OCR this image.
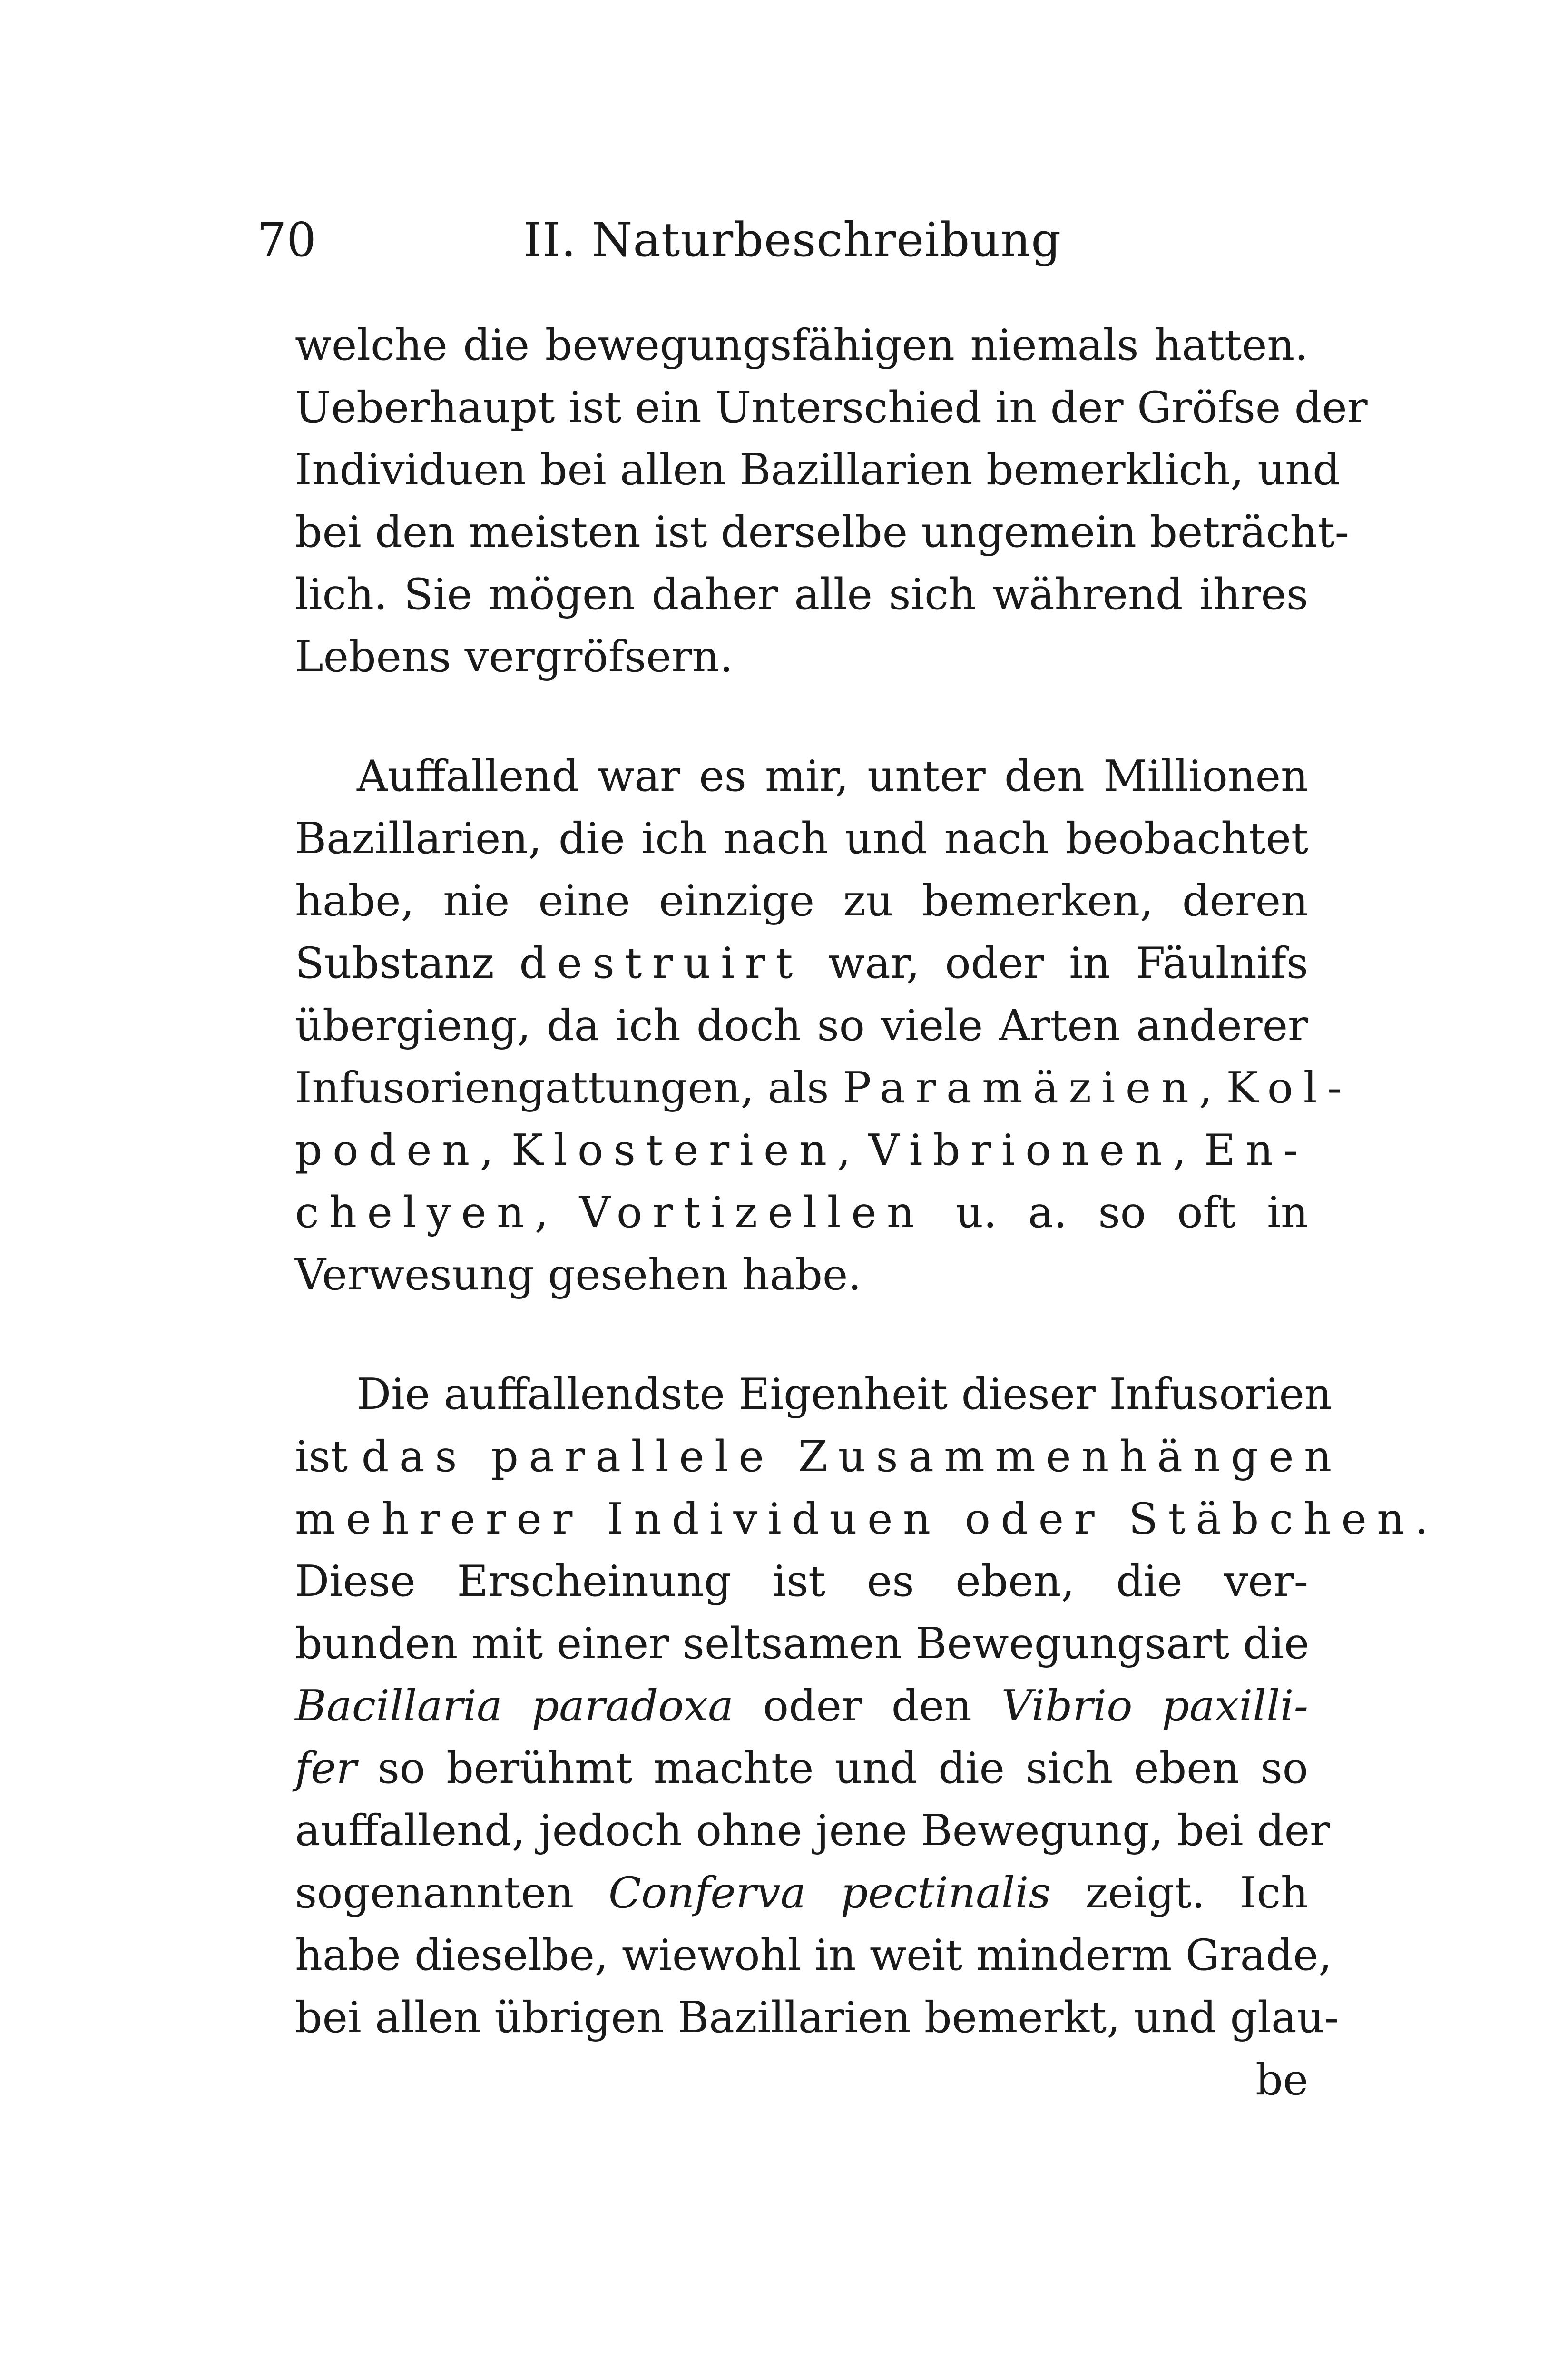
70	II. Naturbeschreibung
welche die bewegungsfähigen niemals hatten.
Ueberhaupt ist ein Unterschied in der Gröfse der
Individuen bei allen Bazillarien bemerklich, und
bei den meisten ist derselbe ungemein beträcht-
lich. Sie mögen daher alle sich während ihres
Lebens vergröfsern.
Auffallend war es mir, unter den Millionen
Bazillarien, die ich nach und nach beobachtet
habe, nie eine einzige zu bemerken, deren
Substanz destruirt war, oder in Fäulnifs
übergieng, da ich doch so viele Arten anderer
Infusoriengattungen, als Paramäzien, Kol-
poden, Klosterien, Vibrionen, En-
chelyen, Vortizellen u. a. so oft in
Verwesung gesehen habe.
Die auffallendste Eigenheit dieser Infusorien
ist das parallele Zusammenhängen
mehrerer Individuen oder Stäbchen.
Diese Erscheinung ist es eben, die ver-
bunden mit einer seltsamen Bewegungsart die
Bacillaria paradoxa oder den Vibrio paxilli-
fer so berühmt machte und die sich eben so
auffallend, jedoch ohne jene Bewegung, bei der
sogenannten Conferva pectinalis zeigt. Ich
habe dieselbe, wiewohl in weit minderm Grade,
bei allen übrigen Bazillarien bemerkt, und glau-
be
